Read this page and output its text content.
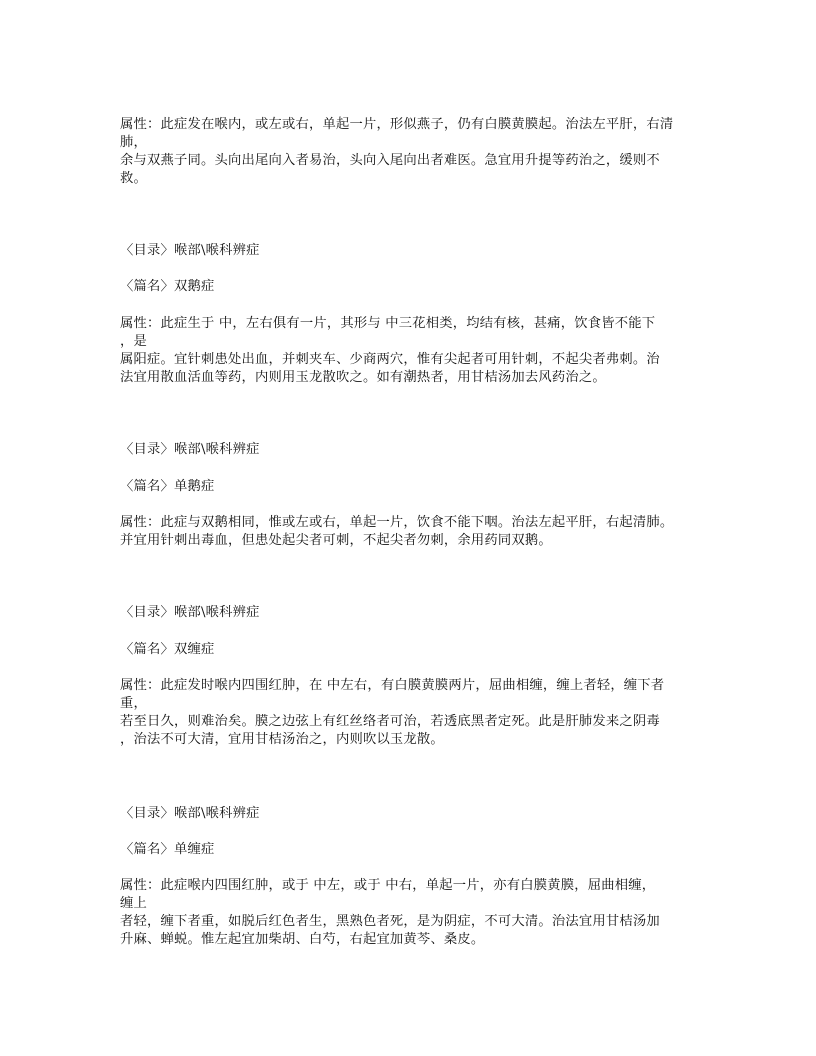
属性：此症发在喉内，或左或右，单起一片，形似燕子，仍有白膜黄膜起。治法左平肝，右清
肺，
余与双燕子同。头向出尾向入者易治，头向入尾向出者难医。急宜用升提等药治之，缓则不
救。
〈目录〉喉部\喉科辨症
〈篇名〉双鹅症
属性：此症生于 中，左右俱有一片，其形与 中三花相类，均结有核，甚痛，饮食皆不能下
，是
属阳症。宜针刺患处出血，并刺夹车、少商两穴，惟有尖起者可用针刺，不起尖者弗刺。治
法宜用散血活血等药，内则用玉龙散吹之。如有潮热者，用甘桔汤加去风药治之。
〈目录〉喉部\喉科辨症
〈篇名〉单鹅症
属性：此症与双鹅相同，惟或左或右，单起一片，饮食不能下咽。治法左起平肝，右起清肺。
并宜用针刺出毒血，但患处起尖者可刺，不起尖者勿刺，余用药同双鹅。
〈目录〉喉部\喉科辨症
〈篇名〉双缠症
属性：此症发时喉内四围红肿，在 中左右，有白膜黄膜两片，屈曲相缠，缠上者轻，缠下者
重，
若至日久，则难治矣。膜之边弦上有红丝络者可治，若透底黑者定死。此是肝肺发来之阴毒
，治法不可大清，宜用甘桔汤治之，内则吹以玉龙散。
〈目录〉喉部\喉科辨症
〈篇名〉单缠症
属性：此症喉内四围红肿，或于 中左，或于 中右，单起一片，亦有白膜黄膜，屈曲相缠，
缠上
者轻，缠下者重，如脱后红色者生，黑熟色者死，是为阴症，不可大清。治法宜用甘桔汤加
升麻、蝉蜕。惟左起宜加柴胡、白芍，右起宜加黄芩、桑皮。
